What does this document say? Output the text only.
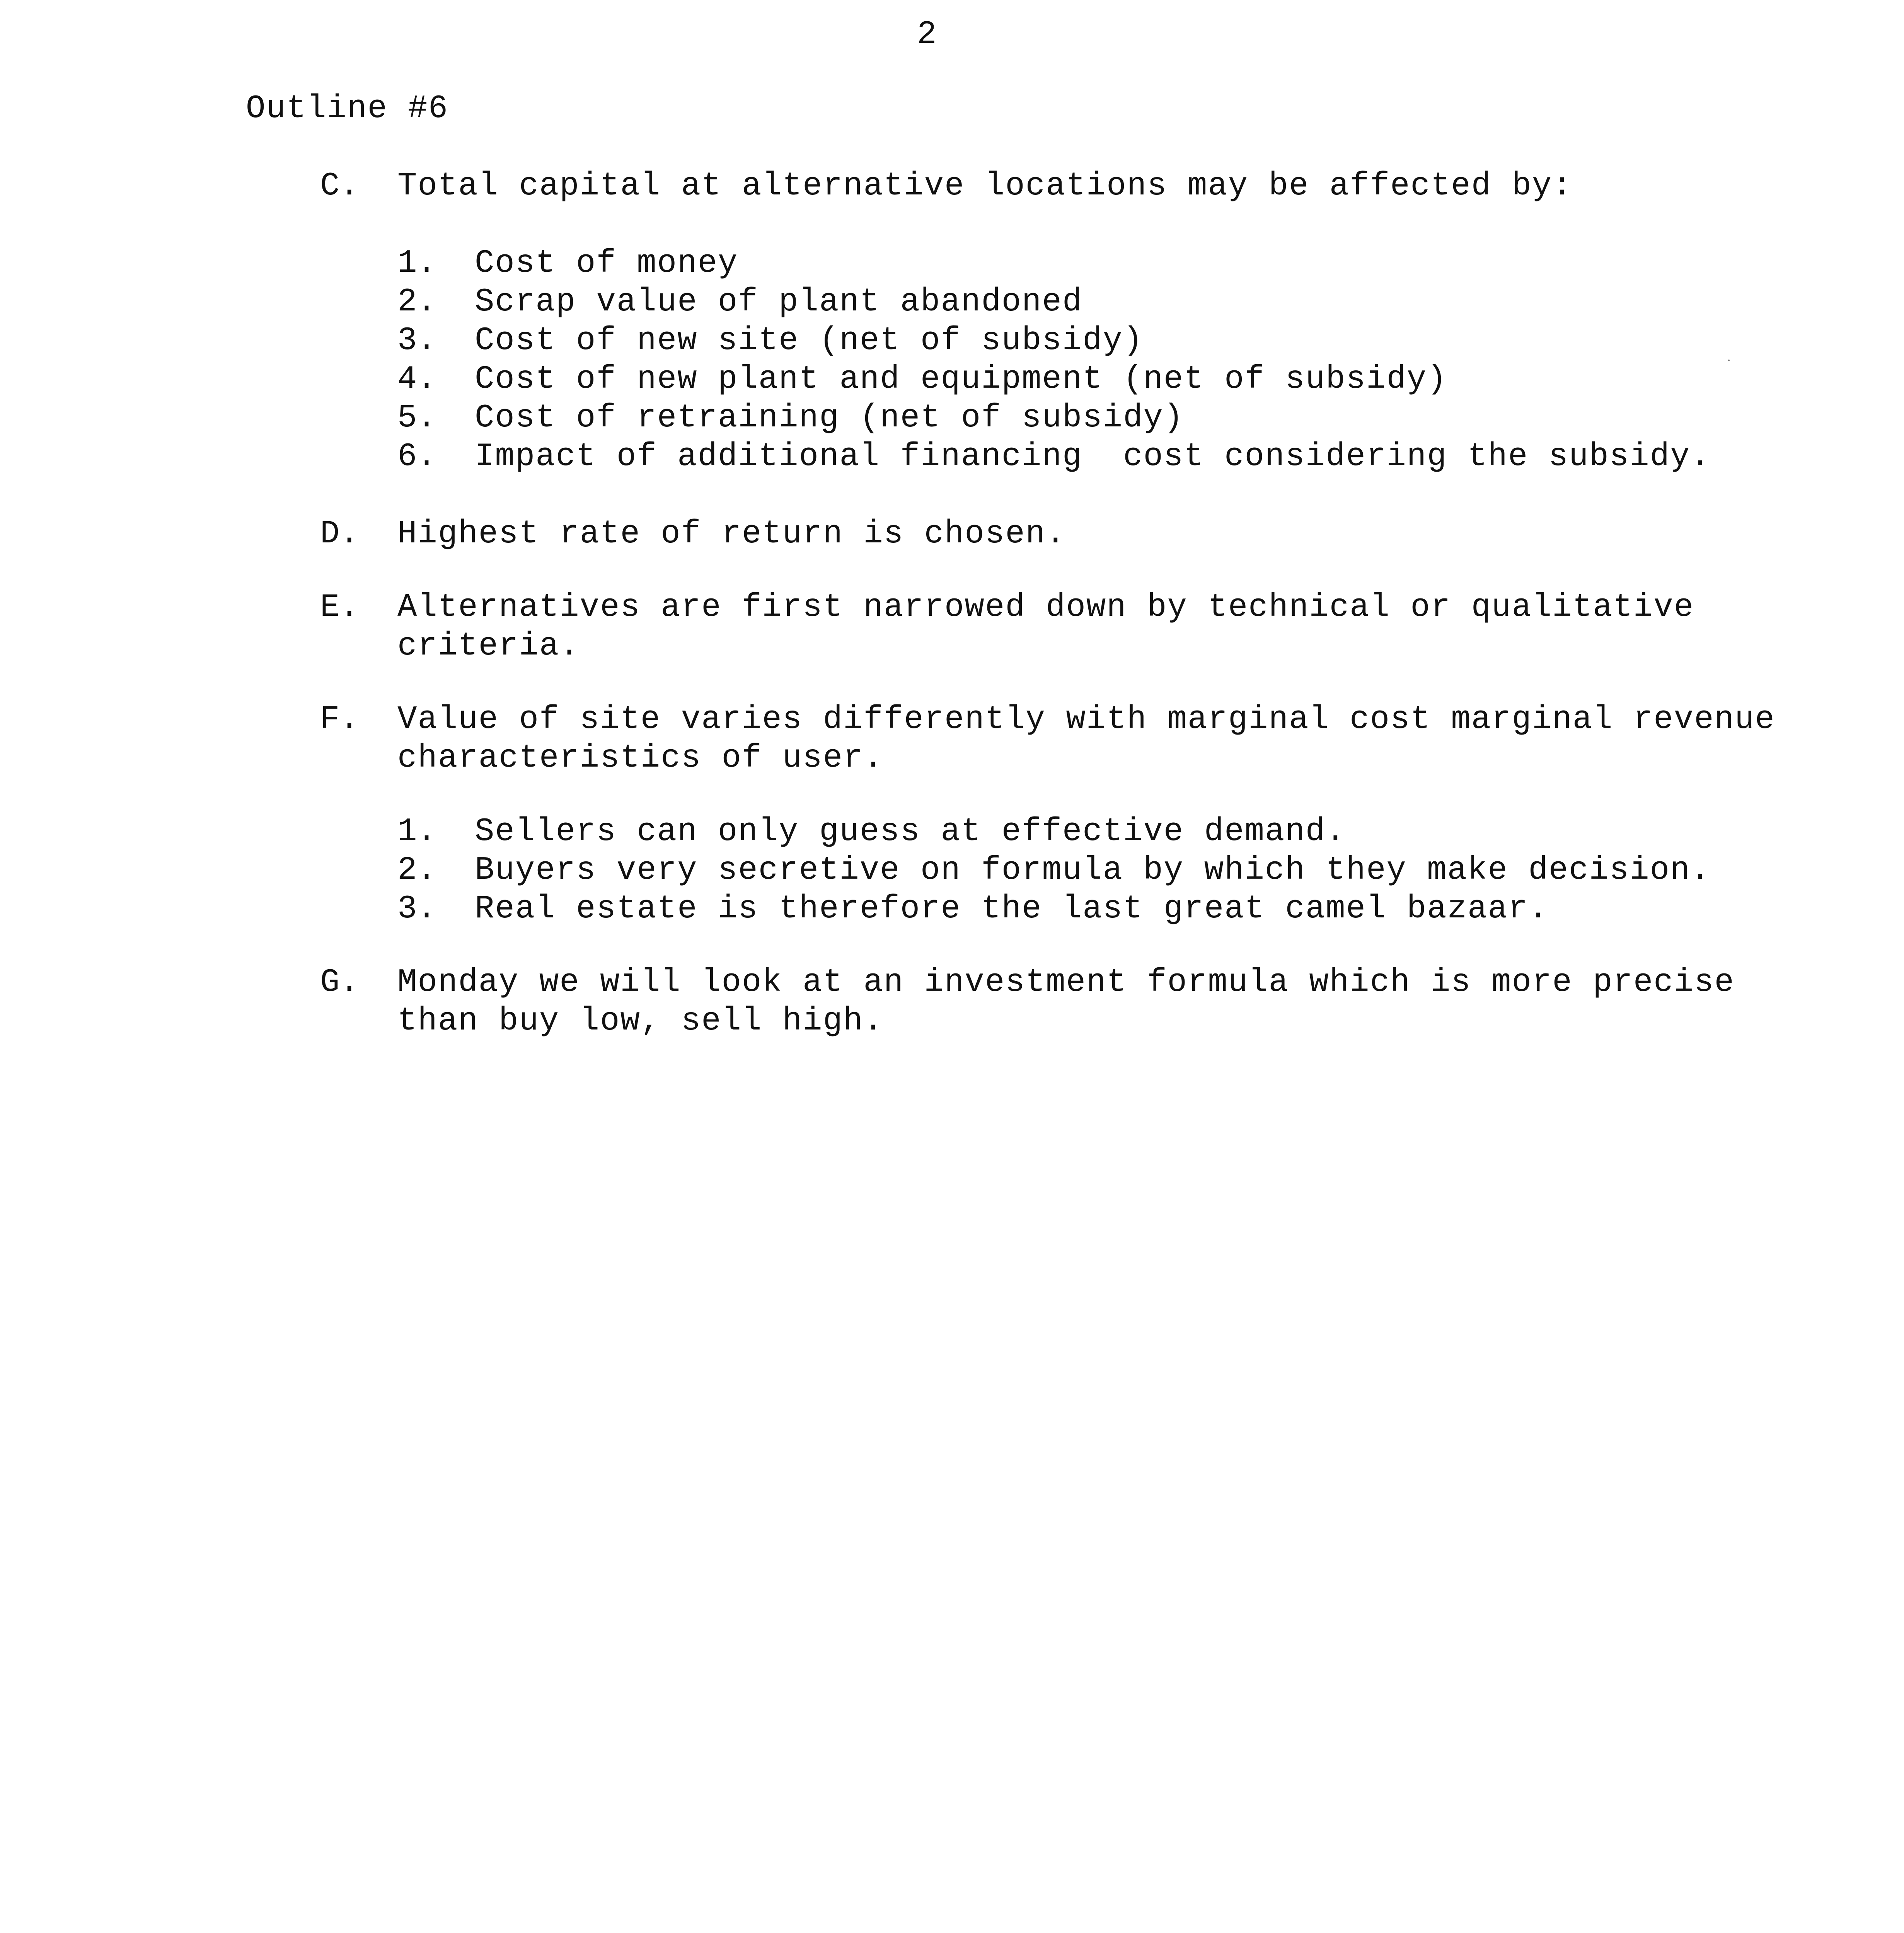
2
Outline #6
C. Total capital at alternative locations may be affected by:
1. Cost of money
2. Scrap value of plant abandoned
3. Cost of new site (net of subsidy)
4. Cost of new plant and equipment (net of subsidy)
5. Cost of retraining (net of subsidy)
6. Impact of additional financing  cost considering the subsidy.
D. Highest rate of return is chosen.
E. Alternatives are first narrowed down by technical or qualitative
criteria.
F. Value of site varies differently with marginal cost marginal revenue
characteristics of user.
1. Sellers can only guess at effective demand.
2. Buyers very secretive on formula by which they make decision.
3. Real estate is therefore the last great camel bazaar.
G. Monday we will look at an investment formula which is more precise
than buy low, sell high.
